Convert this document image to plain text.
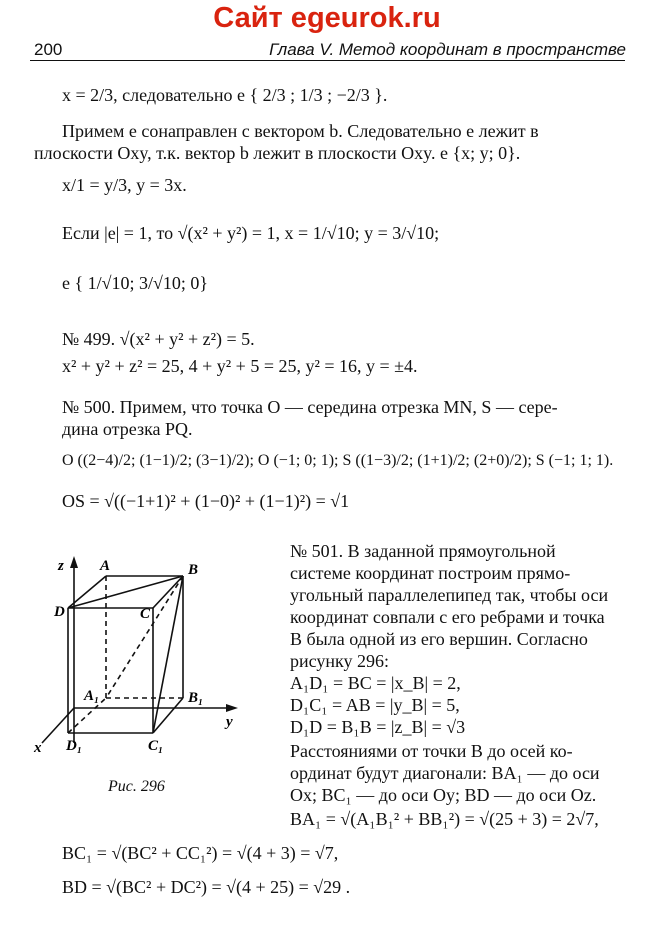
Сайт egeurok.ru
200	Глава V. Метод координат в пространстве
x = 2/3, следовательно e { 2/3 ; 1/3 ; −2/3 }.
Примем e сонаправлен с вектором b. Следовательно e лежит в
плоскости Oxy, т.к. вектор b лежит в плоскости Oxy. e {x; y; 0}.
x/1 = y/3, y = 3x.
Если |e| = 1, то √(x² + y²) = 1, x = 1/√10; y = 3/√10;
e { 1/√10; 3/√10; 0}
№ 499. √(x² + y² + z²) = 5.
x² + y² + z² = 25, 4 + y² + 5 = 25, y² = 16, y = ±4.
№ 500. Примем, что точка O — середина отрезка MN, S — сере-
дина отрезка PQ.
O ((2−4)/2; (1−1)/2; (3−1)/2); O (−1; 0; 1); S ((1−3)/2; (1+1)/2; (2+0)/2); S (−1; 1; 1).
OS = √((−1+1)² + (1−0)² + (1−1)²) = √1
z
y
x
A	B
C
D
A₁	B₁
C₁
D₁
Рис. 296
№ 501. В заданной прямоугольной
системе координат построим прямо-
угольный параллелепипед так, чтобы оси
координат совпали с его ребрами и точка
B была одной из его вершин. Согласно
рисунку 296:
A₁D₁ = BC = |x_B| = 2,
D₁C₁ = AB = |y_B| = 5,
D₁D = B₁B = |z_B| = √3
Расстояниями от точки B до осей ко-
ординат будут диагонали: BA₁ — до оси
Ox; BC₁ — до оси Oy; BD — до оси Oz.
BA₁ = √(A₁B₁² + BB₁²) = √(25 + 3) = 2√7,
BC₁ = √(BC² + CC₁²) = √(4 + 3) = √7,
BD = √(BC² + DC²) = √(4 + 25) = √29 .
